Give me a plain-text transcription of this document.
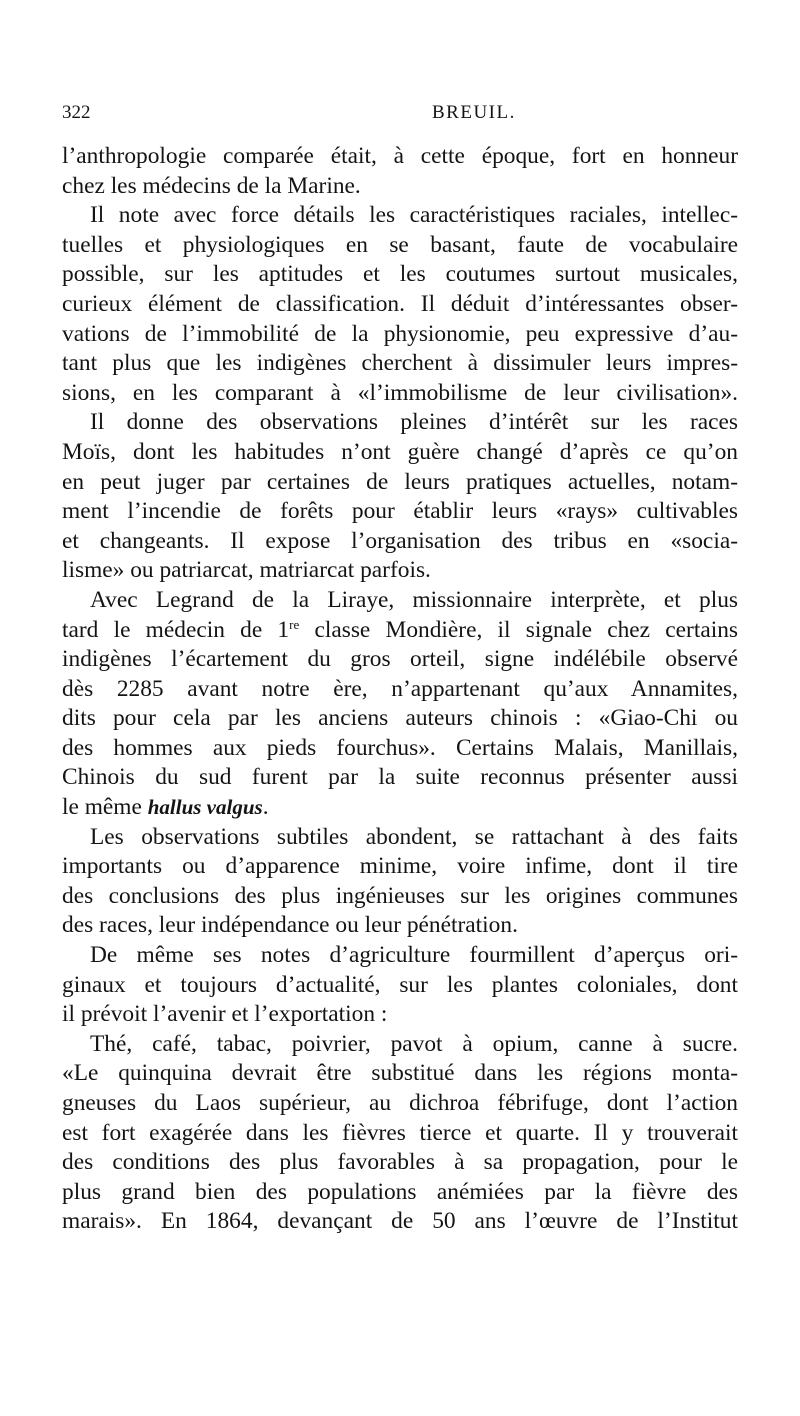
322	BREUIL.
l’anthropologie comparée était, à cette époque, fort en honneur
chez les médecins de la Marine.
Il note avec force détails les caractéristiques raciales, intellec-
tuelles et physiologiques en se basant, faute de vocabulaire
possible, sur les aptitudes et les coutumes surtout musicales,
curieux élément de classification. Il déduit d’intéressantes obser-
vations de l’immobilité de la physionomie, peu expressive d’au-
tant plus que les indigènes cherchent à dissimuler leurs impres-
sions, en les comparant à «l’immobilisme de leur civilisation».
Il donne des observations pleines d’intérêt sur les races
Moïs, dont les habitudes n’ont guère changé d’après ce qu’on
en peut juger par certaines de leurs pratiques actuelles, notam-
ment l’incendie de forêts pour établir leurs «rays» cultivables
et changeants. Il expose l’organisation des tribus en «socia-
lisme» ou patriarcat, matriarcat parfois.
Avec Legrand de la Liraye, missionnaire interprète, et plus
tard le médecin de 1re classe Mondière, il signale chez certains
indigènes l’écartement du gros orteil, signe indélébile observé
dès 2285 avant notre ère, n’appartenant qu’aux Annamites,
dits pour cela par les anciens auteurs chinois : «Giao-Chi ou
des hommes aux pieds fourchus». Certains Malais, Manillais,
Chinois du sud furent par la suite reconnus présenter aussi
le même hallus valgus.
Les observations subtiles abondent, se rattachant à des faits
importants ou d’apparence minime, voire infime, dont il tire
des conclusions des plus ingénieuses sur les origines communes
des races, leur indépendance ou leur pénétration.
De même ses notes d’agriculture fourmillent d’aperçus ori-
ginaux et toujours d’actualité, sur les plantes coloniales, dont
il prévoit l’avenir et l’exportation :
Thé, café, tabac, poivrier, pavot à opium, canne à sucre.
«Le quinquina devrait être substitué dans les régions monta-
gneuses du Laos supérieur, au dichroa fébrifuge, dont l’action
est fort exagérée dans les fièvres tierce et quarte. Il y trouverait
des conditions des plus favorables à sa propagation, pour le
plus grand bien des populations anémiées par la fièvre des
marais». En 1864, devançant de 50 ans l’œuvre de l’Institut
